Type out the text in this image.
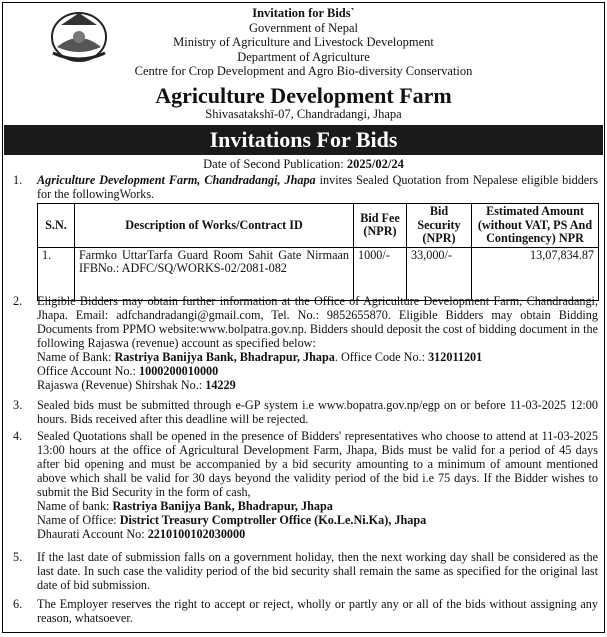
Invitation for Bids`
Government of Nepal
Ministry of Agriculture and Livestock Development
Department of Agriculture
Centre for Crop Development and Agro Bio-diversity Conservation
Agriculture Development Farm
Shivasatakshī-07, Chandradangi, Jhapa
Invitations For Bids
Date of Second Publication: 2025/02/24
1. Agriculture Development Farm, Chandradangi, Jhapa invites Sealed Quotation from Nepalese eligible bidders for the followingWorks.
S.N.	Description of Works/Contract ID	Bid Fee (NPR)	Bid Security (NPR)	Estimated Amount (without VAT, PS And Contingency) NPR
1.	Farmko UttarTarfa Guard Room Sahit Gate Nirmaan IFBNo.: ADFC/SQ/WORKS-02/2081-082	1000/-	33,000/-	13,07,834.87
2. Eligible Bidders may obtain further information at the Office of Agriculture Development Farm, Chandradangi, Jhapa. Email: adfchandradangi@gmail.com, Tel. No.: 9852655870. Eligible Bidders may obtain Bidding Documents from PPMO website:www.bolpatra.gov.np. Bidders should deposit the cost of bidding document in the following Rajaswa (revenue) account as specified below:
Name of Bank: Rastriya Banijya Bank, Bhadrapur, Jhapa. Office Code No.: 312011201
Office Account No.: 1000200010000
Rajaswa (Revenue) Shirshak No.: 14229
3. Sealed bids must be submitted through e-GP system i.e www.bopatra.gov.np/egp on or before 11-03-2025 12:00 hours. Bids received after this deadline will be rejected.
4. Sealed Quotations shall be opened in the presence of Bidders' representatives who choose to attend at 11-03-2025 13:00 hours at the office of Agricultural Development Farm, Jhapa, Bids must be valid for a period of 45 days after bid opening and must be accompanied by a bid security amounting to a minimum of amount mentioned above which shall be valid for 30 days beyond the validity period of the bid i.e 75 days. If the Bidder wishes to submit the Bid Security in the form of cash,
Name of bank: Rastriya Banijya Bank, Bhadrapur, Jhapa
Name of Office: District Treasury Comptroller Office (Ko.Le.Ni.Ka), Jhapa
Dhaurati Account No: 2210100102030000
5. If the last date of submission falls on a government holiday, then the next working day shall be considered as the last date. In such case the validity period of the bid security shall remain the same as specified for the original last date of bid submission.
6. The Employer reserves the right to accept or reject, wholly or partly any or all of the bids without assigning any reason, whatsoever.
